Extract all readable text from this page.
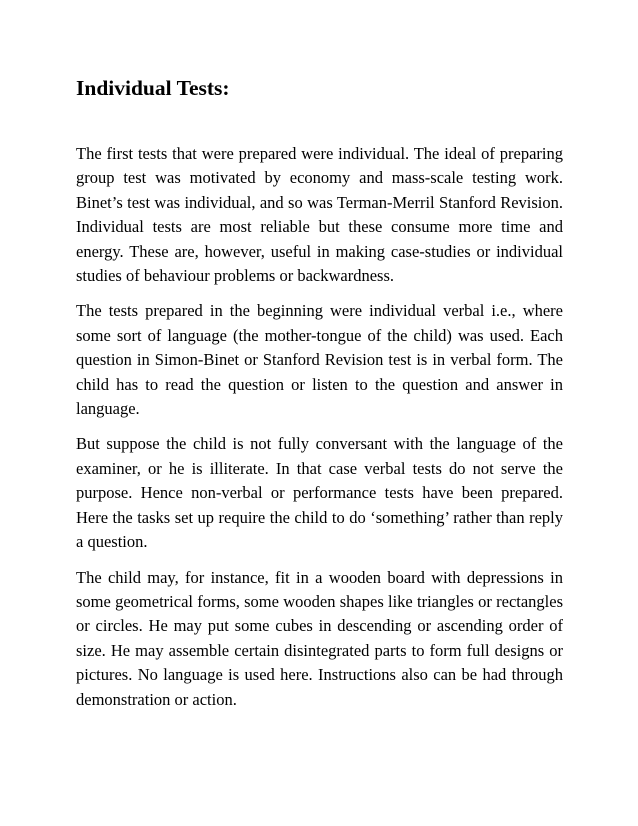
Individual Tests:

The first tests that were prepared were individual. The ideal of preparing group test was motivated by economy and mass-scale testing work. Binet’s test was individual, and so was Terman-Merril Stanford Revision. Individual tests are most reliable but these consume more time and energy. These are, however, useful in making case-studies or individual studies of behaviour problems or backwardness.

The tests prepared in the beginning were individual verbal i.e., where some sort of language (the mother-tongue of the child) was used. Each question in Simon-Binet or Stanford Revision test is in verbal form. The child has to read the question or listen to the question and answer in language.

But suppose the child is not fully conversant with the language of the examiner, or he is illiterate. In that case verbal tests do not serve the purpose. Hence non-verbal or performance tests have been prepared. Here the tasks set up require the child to do ‘something’ rather than reply a question.

The child may, for instance, fit in a wooden board with depressions in some geometrical forms, some wooden shapes like triangles or rectangles or circles. He may put some cubes in descending or ascending order of size. He may assemble certain disintegrated parts to form full designs or pictures. No language is used here. Instructions also can be had through demonstration or action.
